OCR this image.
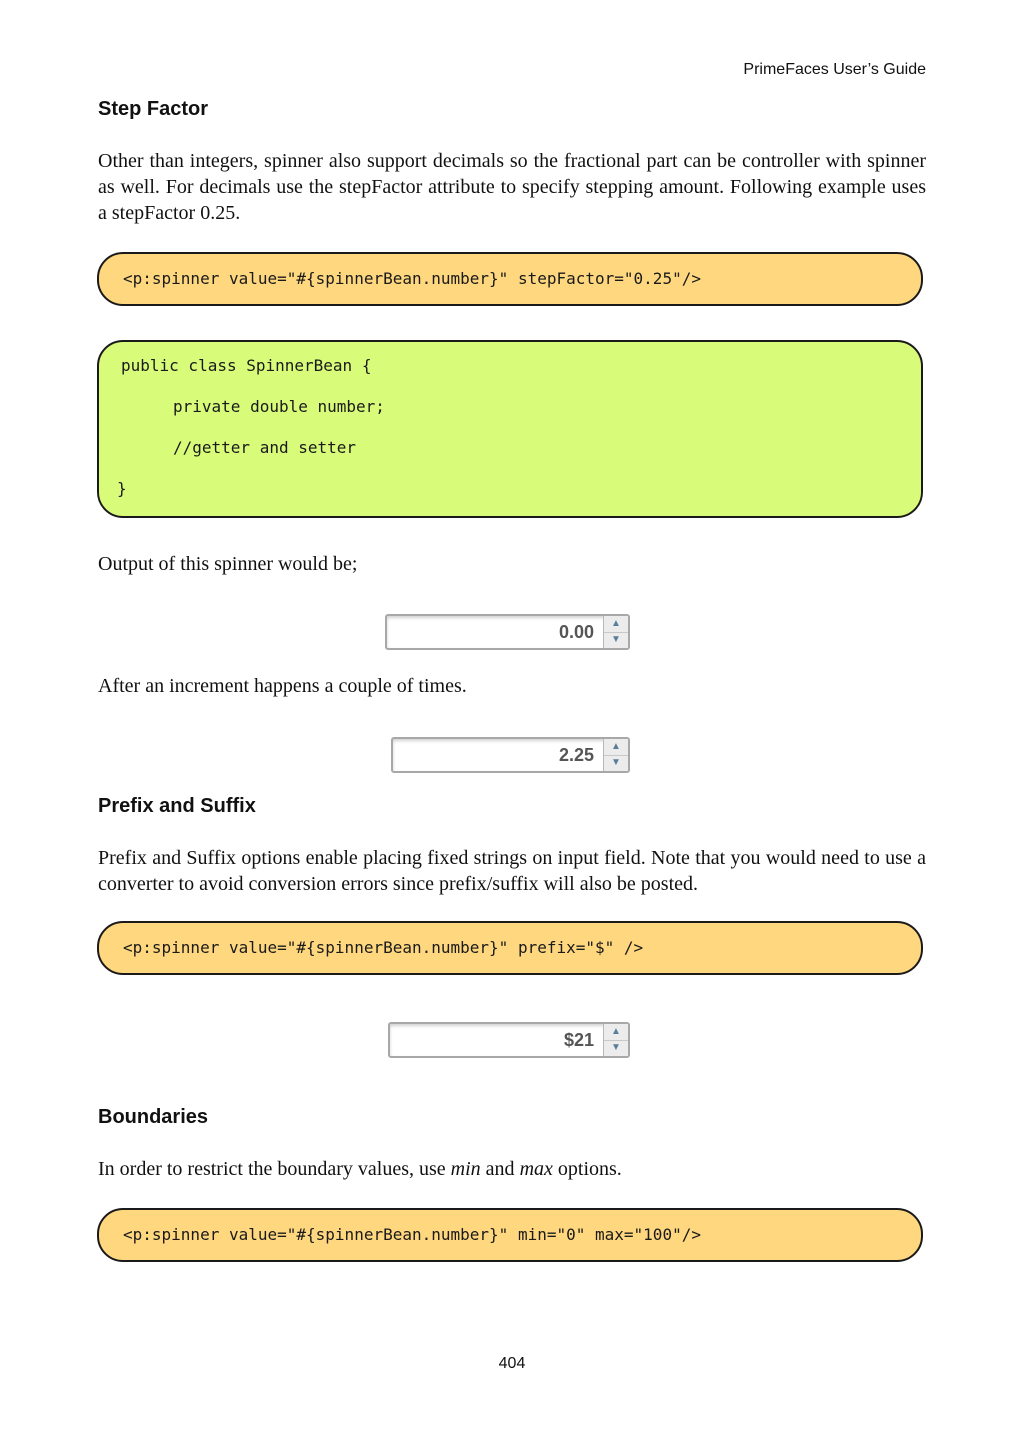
PrimeFaces User’s Guide
Step Factor

Other than integers, spinner also support decimals so the fractional part can be controller with spinner as well. For decimals use the stepFactor attribute to specify stepping amount. Following example uses a stepFactor 0.25.

<p:spinner value="#{spinnerBean.number}" stepFactor="0.25"/>
public class SpinnerBean {
private double number;
//getter and setter
}

Output of this spinner would be;

0.00	▲
▼

After an increment happens a couple of times.

2.25	▲
▼
Prefix and Suffix

Prefix and Suffix options enable placing fixed strings on input field. Note that you would need to use a converter to avoid conversion errors since prefix/suffix will also be posted.

<p:spinner value="#{spinnerBean.number}" prefix="$" />
$21	▲
▼
Boundaries

In order to restrict the boundary values, use min and max options.

<p:spinner value="#{spinnerBean.number}" min="0" max="100"/>
404
